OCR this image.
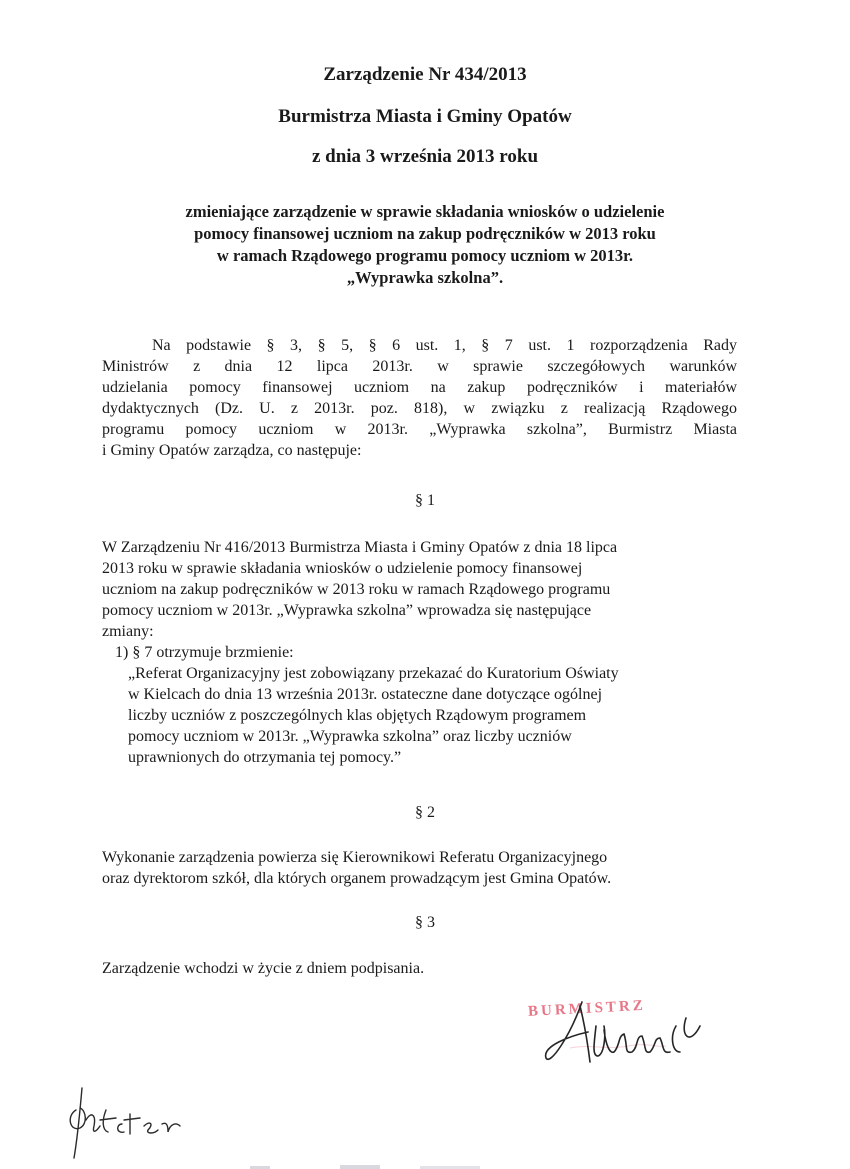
Zarządzenie Nr 434/2013
Burmistrza Miasta i Gminy Opatów
z dnia 3 września 2013 roku
zmieniające zarządzenie w sprawie składania wniosków o udzielenie
pomocy finansowej uczniom na zakup podręczników w 2013 roku
w ramach Rządowego programu pomocy uczniom w 2013r.
„Wyprawka szkolna”.
Na podstawie § 3, § 5, § 6 ust. 1, § 7 ust. 1 rozporządzenia Rady
Ministrów z dnia 12 lipca 2013r. w sprawie szczegółowych warunków
udzielania pomocy finansowej uczniom na zakup podręczników i materiałów
dydaktycznych (Dz. U. z 2013r. poz. 818), w związku z realizacją Rządowego
programu pomocy uczniom w 2013r. „Wyprawka szkolna”, Burmistrz Miasta
i Gminy Opatów zarządza, co następuje:
§ 1
W Zarządzeniu Nr 416/2013 Burmistrza Miasta i Gminy Opatów z dnia 18 lipca
2013 roku w sprawie składania wniosków o udzielenie pomocy finansowej
uczniom na zakup podręczników w 2013 roku w ramach Rządowego programu
pomocy uczniom w 2013r. „Wyprawka szkolna” wprowadza się następujące
zmiany:
1) § 7 otrzymuje brzmienie:
„Referat Organizacyjny jest zobowiązany przekazać do Kuratorium Oświaty
w Kielcach do dnia 13 września 2013r. ostateczne dane dotyczące ogólnej
liczby uczniów z poszczególnych klas objętych Rządowym programem
pomocy uczniom w 2013r. „Wyprawka szkolna” oraz liczby uczniów
uprawnionych do otrzymania tej pomocy.”
§ 2
Wykonanie zarządzenia powierza się Kierownikowi Referatu Organizacyjnego
oraz dyrektorom szkół, dla których organem prowadzącym jest Gmina Opatów.
§ 3
Zarządzenie wchodzi w życie z dniem podpisania.
BURMISTRZ
